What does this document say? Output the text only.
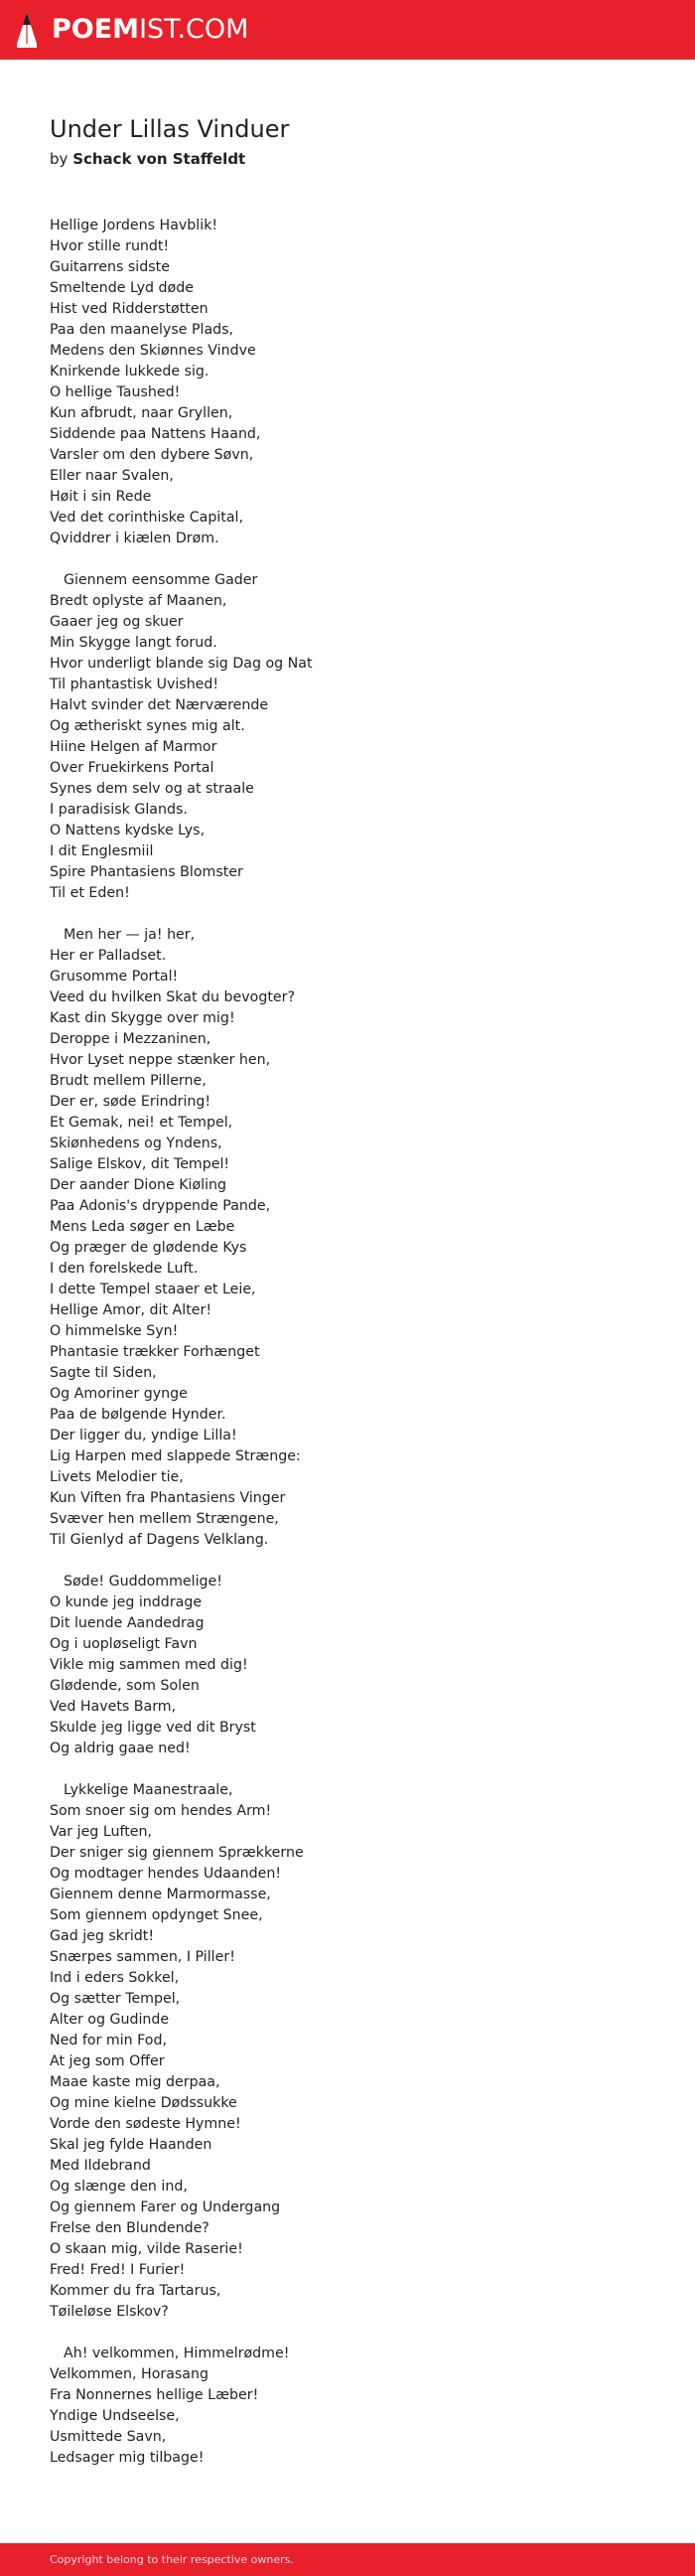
POEMIST.COM
Under Lillas Vinduer
by Schack von Staffeldt
Hellige Jordens Havblik!
Hvor stille rundt!
Guitarrens sidste
Smeltende Lyd døde
Hist ved Ridderstøtten
Paa den maanelyse Plads,
Medens den Skiønnes Vindve
Knirkende lukkede sig.
O hellige Taushed!
Kun afbrudt, naar Gryllen,
Siddende paa Nattens Haand,
Varsler om den dybere Søvn,
Eller naar Svalen,
Høit i sin Rede
Ved det corinthiske Capital,
Qviddrer i kiælen Drøm.
Giennem eensomme Gader
Bredt oplyste af Maanen,
Gaaer jeg og skuer
Min Skygge langt forud.
Hvor underligt blande sig Dag og Nat
Til phantastisk Uvished!
Halvt svinder det Nærværende
Og ætheriskt synes mig alt.
Hiine Helgen af Marmor
Over Fruekirkens Portal
Synes dem selv og at straale
I paradisisk Glands.
O Nattens kydske Lys,
I dit Englesmiil
Spire Phantasiens Blomster
Til et Eden!
Men her — ja! her,
Her er Palladset.
Grusomme Portal!
Veed du hvilken Skat du bevogter?
Kast din Skygge over mig!
Deroppe i Mezzaninen,
Hvor Lyset neppe stænker hen,
Brudt mellem Pillerne,
Der er, søde Erindring!
Et Gemak, nei! et Tempel,
Skiønhedens og Yndens,
Salige Elskov, dit Tempel!
Der aander Dione Kiøling
Paa Adonis's dryppende Pande,
Mens Leda søger en Læbe
Og præger de glødende Kys
I den forelskede Luft.
I dette Tempel staaer et Leie,
Hellige Amor, dit Alter!
O himmelske Syn!
Phantasie trækker Forhænget
Sagte til Siden,
Og Amoriner gynge
Paa de bølgende Hynder.
Der ligger du, yndige Lilla!
Lig Harpen med slappede Strænge:
Livets Melodier tie,
Kun Viften fra Phantasiens Vinger
Svæver hen mellem Strængene,
Til Gienlyd af Dagens Velklang.
Søde! Guddommelige!
O kunde jeg inddrage
Dit luende Aandedrag
Og i uopløseligt Favn
Vikle mig sammen med dig!
Glødende, som Solen
Ved Havets Barm,
Skulde jeg ligge ved dit Bryst
Og aldrig gaae ned!
Lykkelige Maanestraale,
Som snoer sig om hendes Arm!
Var jeg Luften,
Der sniger sig giennem Sprækkerne
Og modtager hendes Udaanden!
Giennem denne Marmormasse,
Som giennem opdynget Snee,
Gad jeg skridt!
Snærpes sammen, I Piller!
Ind i eders Sokkel,
Og sætter Tempel,
Alter og Gudinde
Ned for min Fod,
At jeg som Offer
Maae kaste mig derpaa,
Og mine kielne Dødssukke
Vorde den sødeste Hymne!
Skal jeg fylde Haanden
Med Ildebrand
Og slænge den ind,
Og giennem Farer og Undergang
Frelse den Blundende?
O skaan mig, vilde Raserie!
Fred! Fred! I Furier!
Kommer du fra Tartarus,
Tøileløse Elskov?
Ah! velkommen, Himmelrødme!
Velkommen, Horasang
Fra Nonnernes hellige Læber!
Yndige Undseelse,
Usmittede Savn,
Ledsager mig tilbage!
Copyright belong to their respective owners.
